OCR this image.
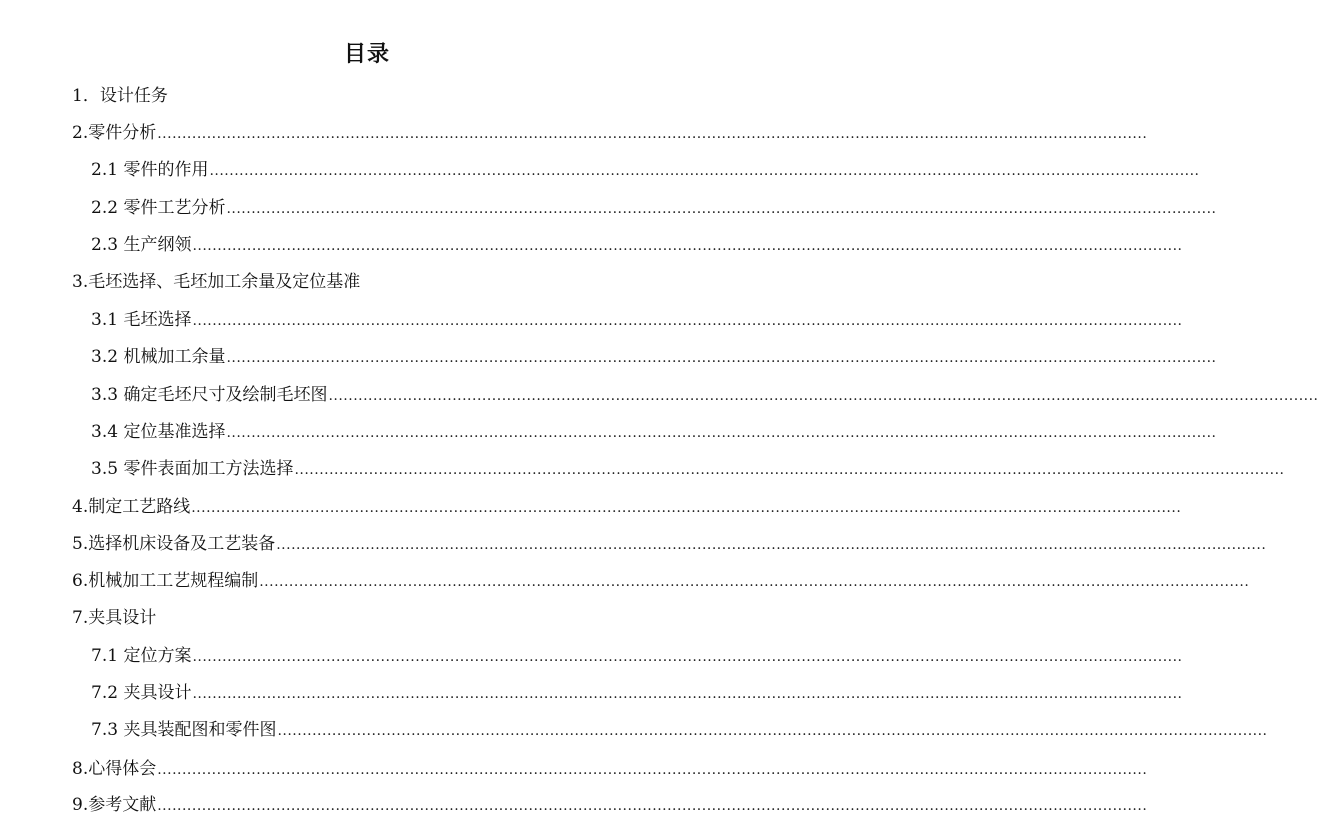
目录
1．设计任务
2.零件分析 ........................................................................................................................................................................................................
2.1 零件的作用 ........................................................................................................................................................................................................
2.2 零件工艺分析 ........................................................................................................................................................................................................
2.3 生产纲领 ........................................................................................................................................................................................................
3.毛坯选择、毛坯加工余量及定位基准
3.1 毛坯选择 ........................................................................................................................................................................................................
3.2 机械加工余量 ........................................................................................................................................................................................................
3.3 确定毛坯尺寸及绘制毛坯图 ........................................................................................................................................................................................................
3.4 定位基准选择 ........................................................................................................................................................................................................
3.5 零件表面加工方法选择 ........................................................................................................................................................................................................
4.制定工艺路线 ........................................................................................................................................................................................................
5.选择机床设备及工艺装备 ........................................................................................................................................................................................................
6.机械加工工艺规程编制 ........................................................................................................................................................................................................
7.夹具设计
7.1 定位方案 ........................................................................................................................................................................................................
7.2 夹具设计 ........................................................................................................................................................................................................
7.3 夹具装配图和零件图 ........................................................................................................................................................................................................
8.心得体会 ........................................................................................................................................................................................................
9.参考文献 ........................................................................................................................................................................................................
